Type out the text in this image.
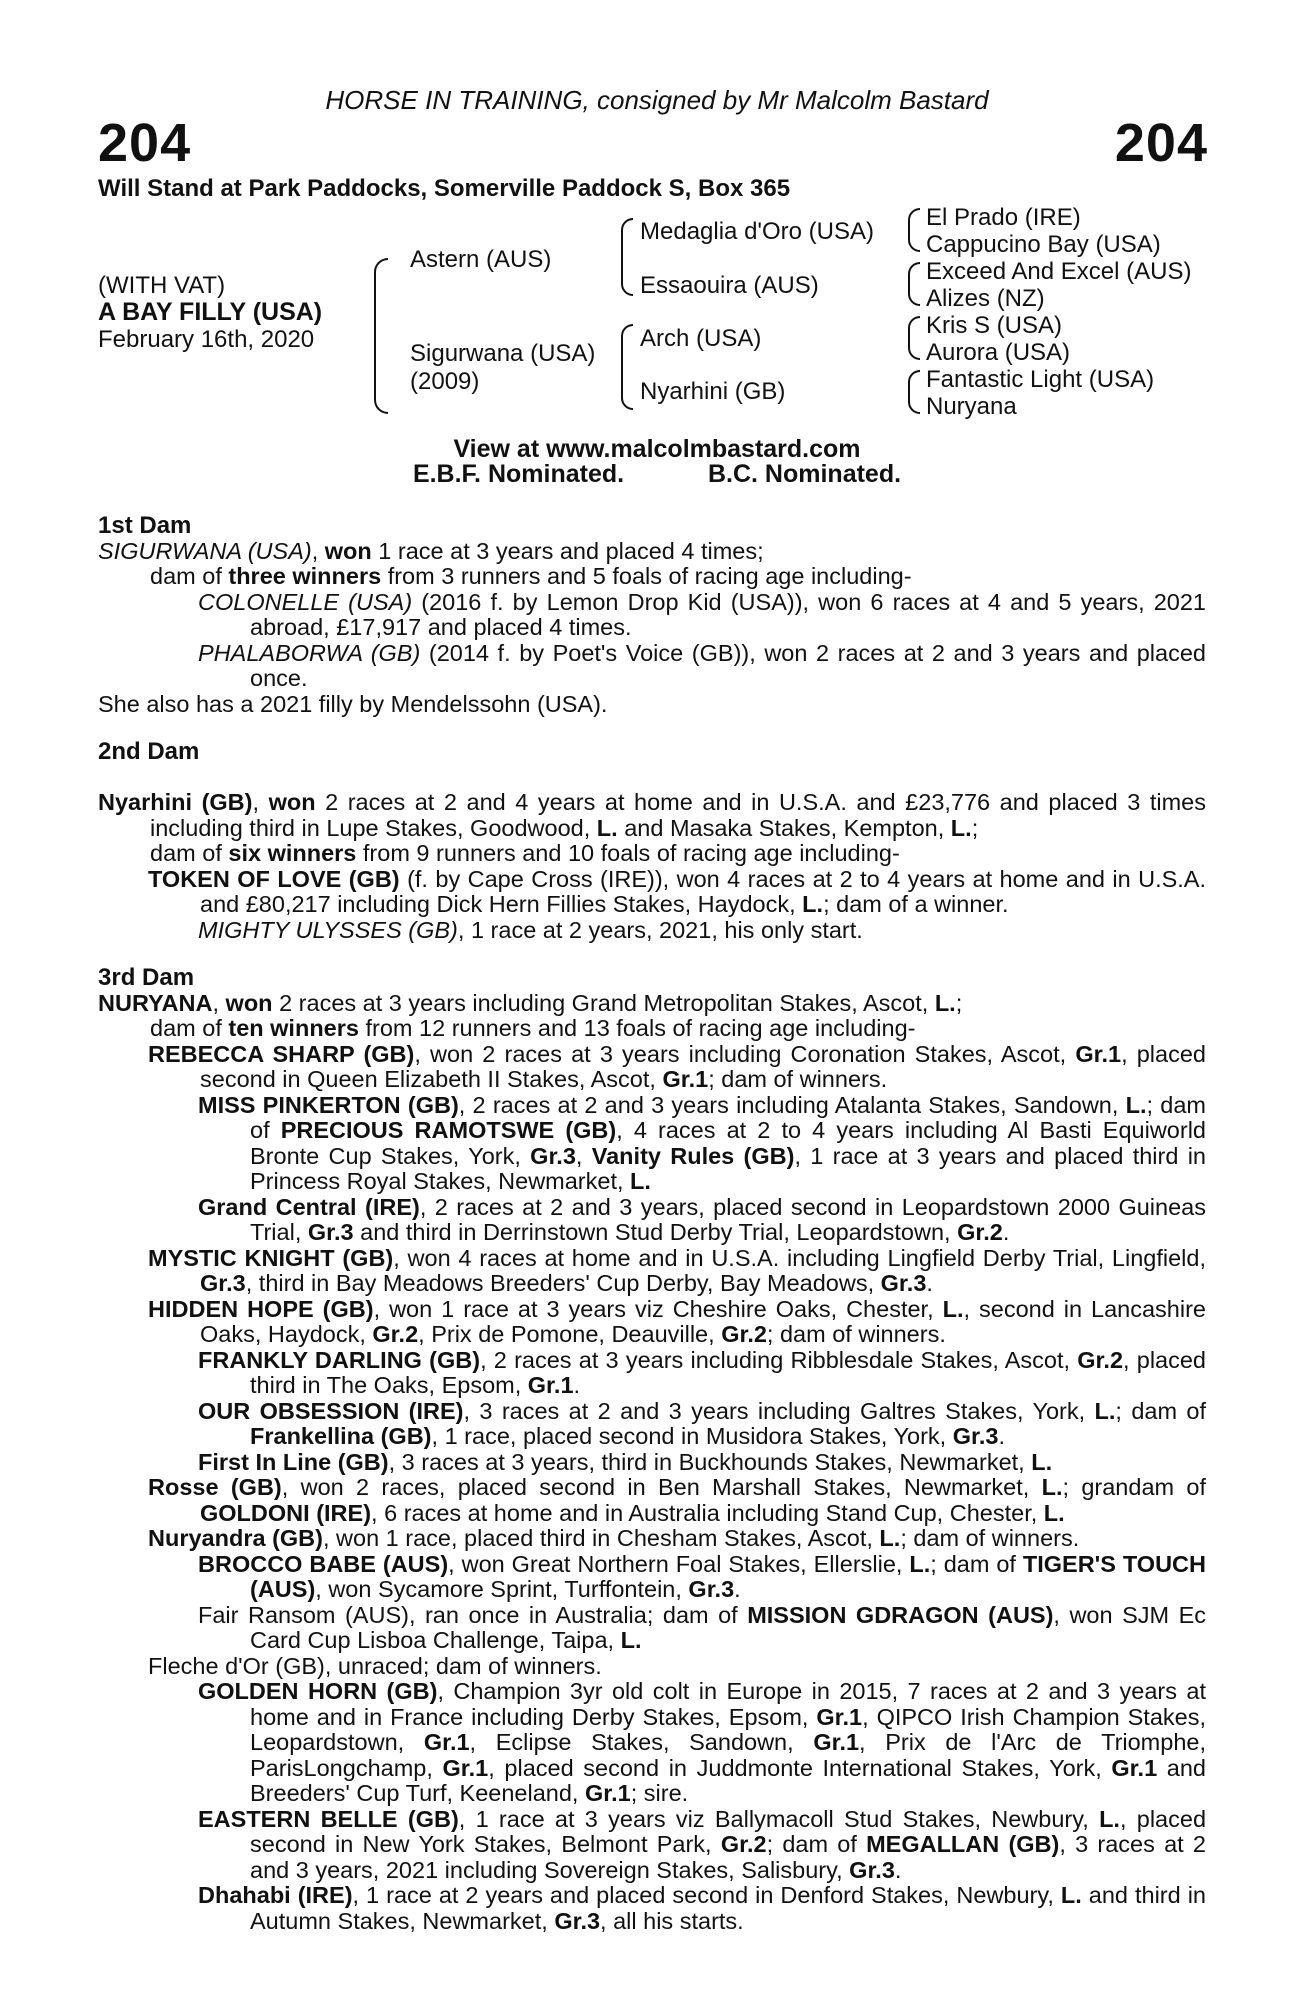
HORSE IN TRAINING, consigned by Mr Malcolm Bastard
204	204
Will Stand at Park Paddocks, Somerville Paddock S, Box 365
(WITH VAT)
A BAY FILLY (USA)
February 16th, 2020
Astern (AUS)
Sigurwana (USA)
(2009)
Medaglia d'Oro (USA)
Essaouira (AUS)
Arch (USA)
Nyarhini (GB)
El Prado (IRE)
Cappucino Bay (USA)
Exceed And Excel (AUS)
Alizes (NZ)
Kris S (USA)
Aurora (USA)
Fantastic Light (USA)
Nuryana
View at www.malcolmbastard.com
E.B.F. Nominated.	B.C. Nominated.
1st Dam

SIGURWANA (USA), won 1 race at 3 years and placed 4 times;
dam of three winners from 3 runners and 5 foals of racing age including-

COLONELLE (USA) (2016 f. by Lemon Drop Kid (USA)), won 6 races at 4 and 5 years, 2021 abroad, £17,917 and placed 4 times.

PHALABORWA (GB) (2014 f. by Poet's Voice (GB)), won 2 races at 2 and 3 years and placed once.

She also has a 2021 filly by Mendelssohn (USA).

2nd Dam

Nyarhini (GB), won 2 races at 2 and 4 years at home and in U.S.A. and £23,776 and placed 3 times including third in Lupe Stakes, Goodwood, L. and Masaka Stakes, Kempton, L.;
dam of six winners from 9 runners and 10 foals of racing age including-

TOKEN OF LOVE (GB) (f. by Cape Cross (IRE)), won 4 races at 2 to 4 years at home and in U.S.A. and £80,217 including Dick Hern Fillies Stakes, Haydock, L.; dam of a winner.

MIGHTY ULYSSES (GB), 1 race at 2 years, 2021, his only start.

3rd Dam

NURYANA, won 2 races at 3 years including Grand Metropolitan Stakes, Ascot, L.;
dam of ten winners from 12 runners and 13 foals of racing age including-

REBECCA SHARP (GB), won 2 races at 3 years including Coronation Stakes, Ascot, Gr.1, placed second in Queen Elizabeth II Stakes, Ascot, Gr.1; dam of winners.

MISS PINKERTON (GB), 2 races at 2 and 3 years including Atalanta Stakes, Sandown, L.; dam of PRECIOUS RAMOTSWE (GB), 4 races at 2 to 4 years including Al Basti Equiworld Bronte Cup Stakes, York, Gr.3, Vanity Rules (GB), 1 race at 3 years and placed third in Princess Royal Stakes, Newmarket, L.

Grand Central (IRE), 2 races at 2 and 3 years, placed second in Leopardstown 2000 Guineas Trial, Gr.3 and third in Derrinstown Stud Derby Trial, Leopardstown, Gr.2.

MYSTIC KNIGHT (GB), won 4 races at home and in U.S.A. including Lingfield Derby Trial, Lingfield, Gr.3, third in Bay Meadows Breeders' Cup Derby, Bay Meadows, Gr.3.

HIDDEN HOPE (GB), won 1 race at 3 years viz Cheshire Oaks, Chester, L., second in Lancashire Oaks, Haydock, Gr.2, Prix de Pomone, Deauville, Gr.2; dam of winners.

FRANKLY DARLING (GB), 2 races at 3 years including Ribblesdale Stakes, Ascot, Gr.2, placed third in The Oaks, Epsom, Gr.1.

OUR OBSESSION (IRE), 3 races at 2 and 3 years including Galtres Stakes, York, L.; dam of Frankellina (GB), 1 race, placed second in Musidora Stakes, York, Gr.3.

First In Line (GB), 3 races at 3 years, third in Buckhounds Stakes, Newmarket, L.

Rosse (GB), won 2 races, placed second in Ben Marshall Stakes, Newmarket, L.; grandam of GOLDONI (IRE), 6 races at home and in Australia including Stand Cup, Chester, L.

Nuryandra (GB), won 1 race, placed third in Chesham Stakes, Ascot, L.; dam of winners.

BROCCO BABE (AUS), won Great Northern Foal Stakes, Ellerslie, L.; dam of TIGER'S TOUCH (AUS), won Sycamore Sprint, Turffontein, Gr.3.

Fair Ransom (AUS), ran once in Australia; dam of MISSION GDRAGON (AUS), won SJM Ec Card Cup Lisboa Challenge, Taipa, L.

Fleche d'Or (GB), unraced; dam of winners.

GOLDEN HORN (GB), Champion 3yr old colt in Europe in 2015, 7 races at 2 and 3 years at home and in France including Derby Stakes, Epsom, Gr.1, QIPCO Irish Champion Stakes, Leopardstown, Gr.1, Eclipse Stakes, Sandown, Gr.1, Prix de l'Arc de Triomphe, ParisLongchamp, Gr.1, placed second in Juddmonte International Stakes, York, Gr.1 and Breeders' Cup Turf, Keeneland, Gr.1; sire.

EASTERN BELLE (GB), 1 race at 3 years viz Ballymacoll Stud Stakes, Newbury, L., placed second in New York Stakes, Belmont Park, Gr.2; dam of MEGALLAN (GB), 3 races at 2 and 3 years, 2021 including Sovereign Stakes, Salisbury, Gr.3.

Dhahabi (IRE), 1 race at 2 years and placed second in Denford Stakes, Newbury, L. and third in Autumn Stakes, Newmarket, Gr.3, all his starts.
